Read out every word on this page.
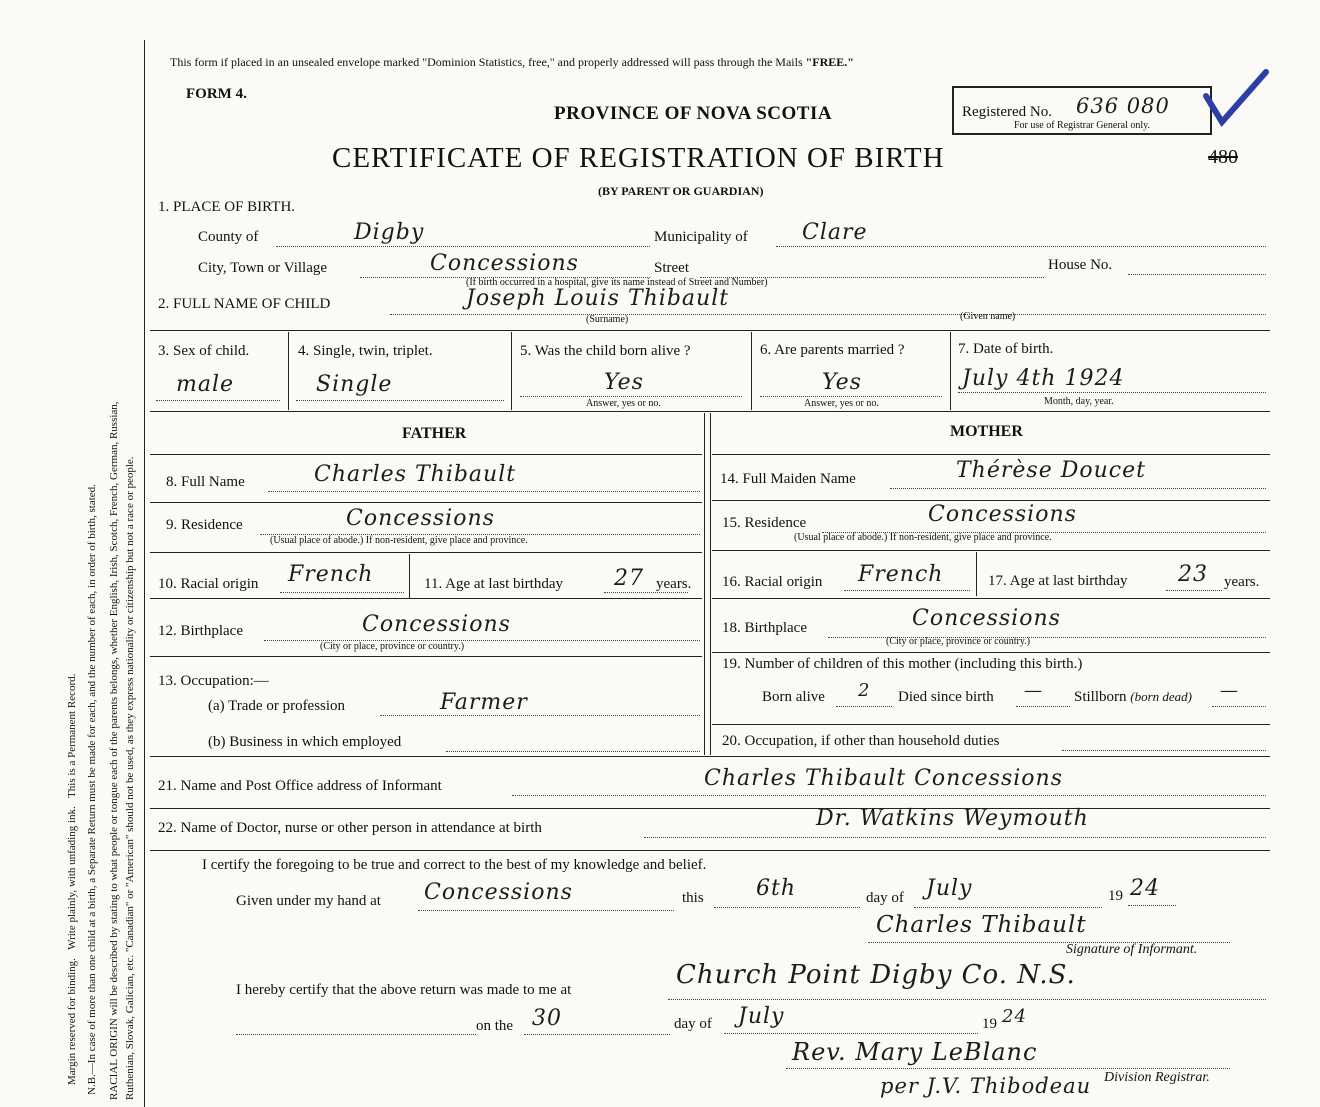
Margin reserved for binding.   Write plainly, with unfading ink.   This is a Permanent Record. N.B.—In case of more than one child at a birth, a Separate Return must be made for each, and the number of each, in order of birth, stated. RACIAL ORIGIN will be described by stating to what people or tongue each of the parents belongs, whether English, Irish, Scotch, French, German, Russian, Ruthenian, Slovak, Galician, etc. "Canadian" or "American" should not be used, as they express nationality or citizenship but not a race or people.
This form if placed in an unsealed envelope marked "Dominion Statistics, free," and properly addressed will pass through the Mails "FREE."
FORM 4.
PROVINCE OF NOVA SCOTIA
CERTIFICATE OF REGISTRATION OF BIRTH
(BY PARENT OR GUARDIAN)
Registered No. 636 080
For use of Registrar General only.
480
1. PLACE OF BIRTH.
County of	Digby	Municipality of Clare
City, Town or Village	Concessions	Street
(If birth occurred in a hospital, give its name instead of Street and Number)
House No.
2. FULL NAME OF CHILD	Joseph Louis Thibault
(Surname)	(Given name)
3. Sex of child.
male
4. Single, twin, triplet.
Single
5. Was the child born alive ?
Yes
Answer, yes or no.
6. Are parents married ?
Yes
Answer, yes or no.
7. Date of birth.
July 4th 1924
Month, day, year.
FATHER	MOTHER
8. Full Name	Charles Thibault
9. Residence	Concessions
(Usual place of abode.) If non-resident, give place and province.
10. Racial origin French	11. Age at last birthday 27 years.
12. Birthplace	Concessions
(City or place, province or country.)
13. Occupation:—
(a) Trade or profession	Farmer
(b) Business in which employed
14. Full Maiden Name	Thérèse Doucet
15. Residence	Concessions
(Usual place of abode.) If non-resident, give place and province.
16. Racial origin French	17. Age at last birthday 23 years.
18. Birthplace	Concessions
(City or place, province or country.)
19. Number of children of this mother (including this birth.)
Born alive 2 Died since birth — Stillborn (born dead) —
20. Occupation, if other than household duties
21. Name and Post Office address of Informant	Charles Thibault Concessions
22. Name of Doctor, nurse or other person in attendance at birth	Dr. Watkins Weymouth
I certify the foregoing to be true and correct to the best of my knowledge and belief.
Given under my hand at Concessions	this 6th	day of July	19 24
Charles Thibault
Signature of Informant.
I hereby certify that the above return was made to me at	Church Point Digby Co. N.S.
on the 30	day of July	19 24
Rev. Mary LeBlanc
Division Registrar.
per J.V. Thibodeau
